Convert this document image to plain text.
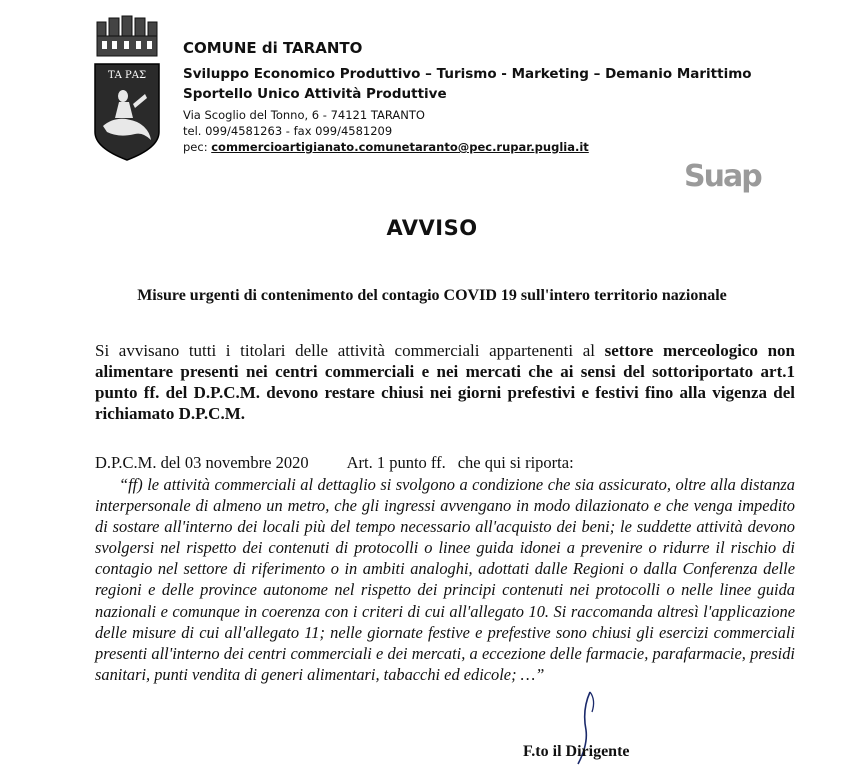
ΤΑ ΡΑΣ
COMUNE di TARANTO
Sviluppo Economico Produttivo – Turismo - Marketing – Demanio Marittimo
Sportello Unico Attività Produttive
Via Scoglio del Tonno, 6 - 74121 TARANTO
tel. 099/4581263 - fax 099/4581209
pec: commercioartigianato.comunetaranto@pec.rupar.puglia.it
Suap
AVVISO
Misure urgenti di contenimento del contagio COVID 19 sull'intero territorio nazionale
Si avvisano tutti i titolari delle attività commerciali appartenenti al settore merceologico non alimentare presenti nei centri commerciali e nei mercati che ai sensi del sottoriportato art.1 punto ff. del D.P.C.M. devono restare chiusi nei giorni prefestivi e festivi fino alla vigenza del richiamato D.P.C.M.
D.P.C.M. del 03 novembre 2020 Art. 1 punto ff. che qui si riporta:
“ff) le attività commerciali al dettaglio si svolgono a condizione che sia assicurato, oltre alla distanza interpersonale di almeno un metro, che gli ingressi avvengano in modo dilazionato e che venga impedito di sostare all'interno dei locali più del tempo necessario all'acquisto dei beni; le suddette attività devono svolgersi nel rispetto dei contenuti di protocolli o linee guida idonei a prevenire o ridurre il rischio di contagio nel settore di riferimento o in ambiti analoghi, adottati dalle Regioni o dalla Conferenza delle regioni e delle province autonome nel rispetto dei principi contenuti nei protocolli o nelle linee guida nazionali e comunque in coerenza con i criteri di cui all'allegato 10. Si raccomanda altresì l'applicazione delle misure di cui all'allegato 11; nelle giornate festive e prefestive sono chiusi gli esercizi commerciali presenti all'interno dei centri commerciali e dei mercati, a eccezione delle farmacie, parafarmacie, presidi sanitari, punti vendita di generi alimentari, tabacchi ed edicole; …”
F.to il Dirigente
